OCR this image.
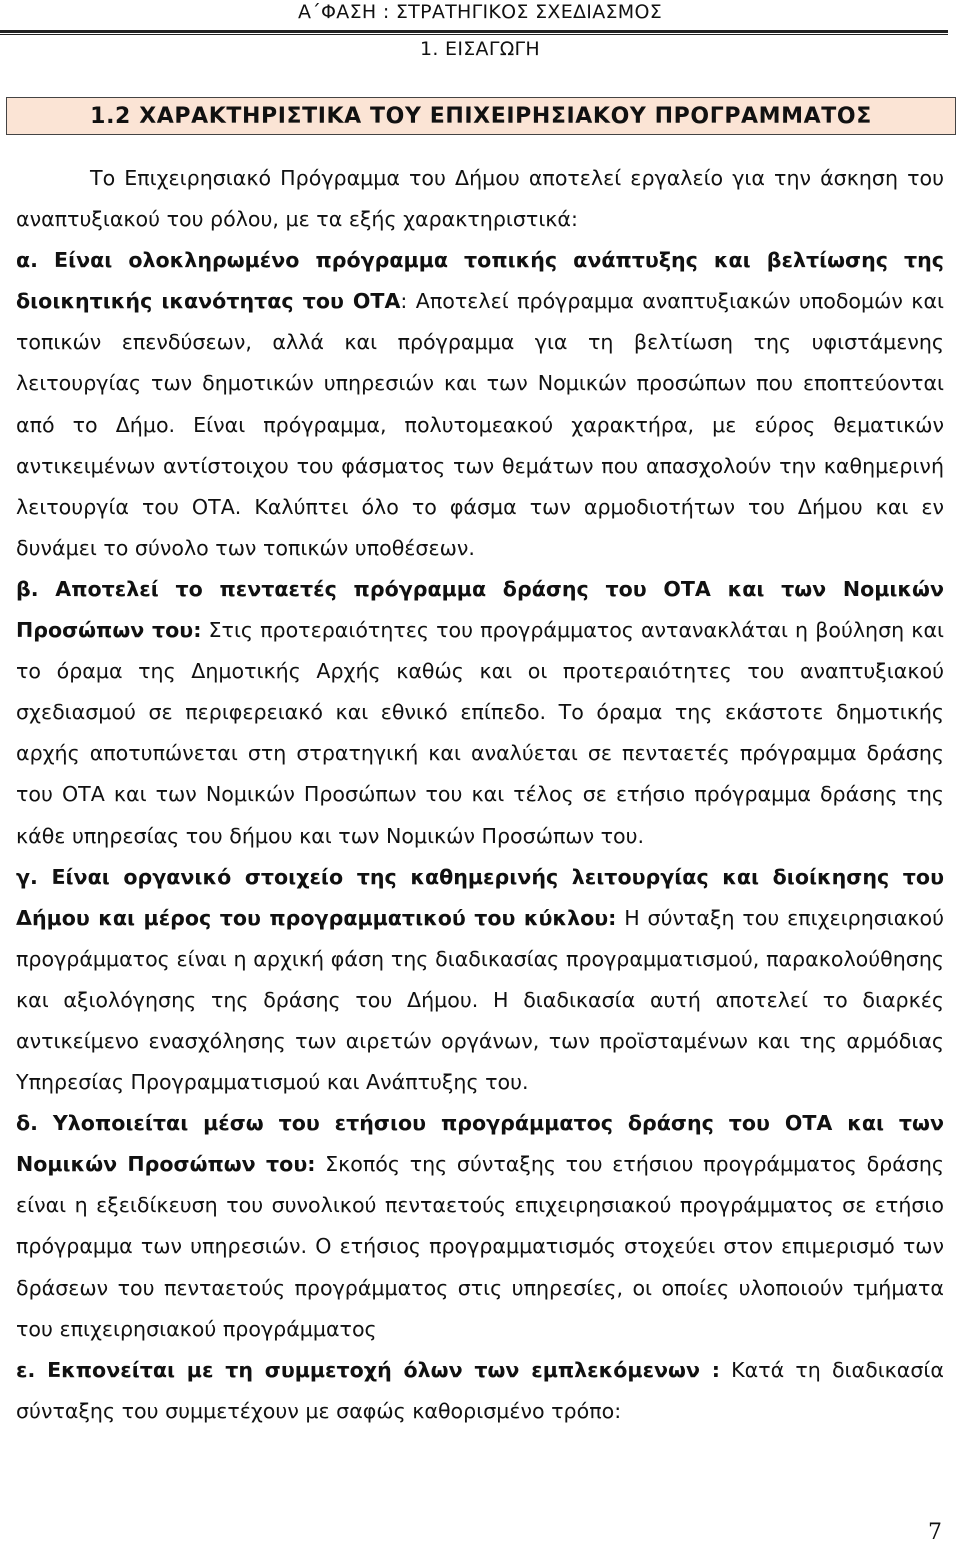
Α΄ΦΑΣΗ : ΣΤΡΑΤΗΓΙΚΟΣ ΣΧΕΔΙΑΣΜΟΣ
1. ΕΙΣΑΓΩΓΗ
1.2 ΧΑΡΑΚΤΗΡΙΣΤΙΚΑ ΤΟΥ ΕΠΙΧΕΙΡΗΣΙΑΚΟΥ ΠΡΟΓΡΑΜΜΑΤΟΣ

Το Επιχειρησιακό Πρόγραμμα του Δήμου αποτελεί εργαλείο για την άσκηση του αναπτυξιακού του ρόλου, με τα εξής χαρακτηριστικά:

α. Είναι ολοκληρωμένο πρόγραμμα τοπικής ανάπτυξης και βελτίωσης της διοικητικής ικανότητας του ΟΤΑ: Αποτελεί πρόγραμμα αναπτυξιακών υποδομών και τοπικών επενδύσεων, αλλά και πρόγραμμα για τη βελτίωση της υφιστάμενης λειτουργίας των δημοτικών υπηρεσιών και των Νομικών προσώπων που εποπτεύονται από το Δήμο. Είναι πρόγραμμα, πολυτομεακού χαρακτήρα, με εύρος θεματικών αντικειμένων αντίστοιχου του φάσματος των θεμάτων που απασχολούν την καθημερινή λειτουργία του ΟΤΑ. Καλύπτει όλο το φάσμα των αρμοδιοτήτων του Δήμου και εν δυνάμει το σύνολο των τοπικών υποθέσεων.

β. Αποτελεί το πενταετές πρόγραμμα δράσης του ΟΤΑ και των Νομικών Προσώπων του: Στις προτεραιότητες του προγράμματος αντανακλάται η βούληση και το όραμα της Δημοτικής Αρχής καθώς και οι προτεραιότητες του αναπτυξιακού σχεδιασμού σε περιφερειακό και εθνικό επίπεδο. Το όραμα της εκάστοτε δημοτικής αρχής αποτυπώνεται στη στρατηγική και αναλύεται σε πενταετές πρόγραμμα δράσης του ΟΤΑ και των Νομικών Προσώπων του και τέλος σε ετήσιο πρόγραμμα δράσης της κάθε υπηρεσίας του δήμου και των Νομικών Προσώπων του.

γ. Είναι οργανικό στοιχείο της καθημερινής λειτουργίας και διοίκησης του Δήμου και μέρος του προγραμματικού του κύκλου: Η σύνταξη του επιχειρησιακού προγράμματος είναι η αρχική φάση της διαδικασίας προγραμματισμού, παρακολούθησης και αξιολόγησης της δράσης του Δήμου. Η διαδικασία αυτή αποτελεί το διαρκές αντικείμενο ενασχόλησης των αιρετών οργάνων, των προϊσταμένων και της αρμόδιας Υπηρεσίας Προγραμματισμού και Ανάπτυξης του.

δ. Υλοποιείται μέσω του ετήσιου προγράμματος δράσης του ΟΤΑ και των Νομικών Προσώπων του: Σκοπός της σύνταξης του ετήσιου προγράμματος δράσης είναι η εξειδίκευση του συνολικού πενταετούς επιχειρησιακού προγράμματος σε ετήσιο πρόγραμμα των υπηρεσιών. Ο ετήσιος προγραμματισμός στοχεύει στον επιμερισμό των δράσεων του πενταετούς προγράμματος στις υπηρεσίες, οι οποίες υλοποιούν τμήματα του επιχειρησιακού προγράμματος

ε. Εκπονείται με τη συμμετοχή όλων των εμπλεκόμενων : Κατά τη διαδικασία σύνταξης του συμμετέχουν με σαφώς καθορισμένο τρόπο:

7
